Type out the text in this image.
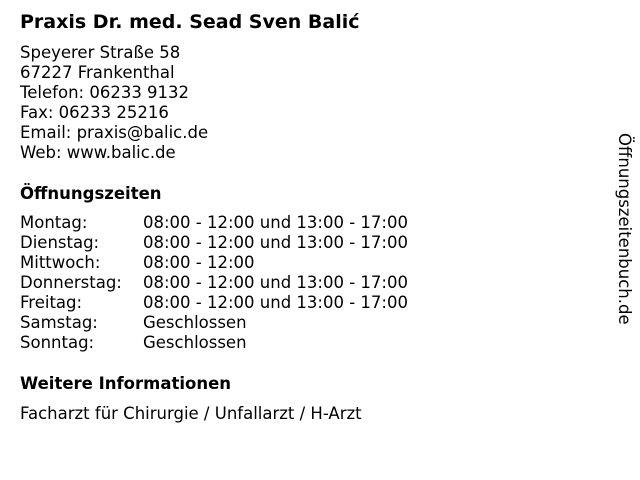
Praxis Dr. med. Sead Sven Balić
Speyerer Straße 58
67227 Frankenthal
Telefon: 06233 9132
Fax: 06233 25216
Email: praxis@balic.de
Web: www.balic.de
Öffnungszeiten
Montag:	08:00 - 12:00 und 13:00 - 17:00
Dienstag:	08:00 - 12:00 und 13:00 - 17:00
Mittwoch:	08:00 - 12:00
Donnerstag: 08:00 - 12:00 und 13:00 - 17:00
Freitag:	08:00 - 12:00 und 13:00 - 17:00
Samstag:	Geschlossen
Sonntag:	Geschlossen
Weitere Informationen
Facharzt für Chirurgie / Unfallarzt / H-Arzt
Öffnungszeitenbuch.de
